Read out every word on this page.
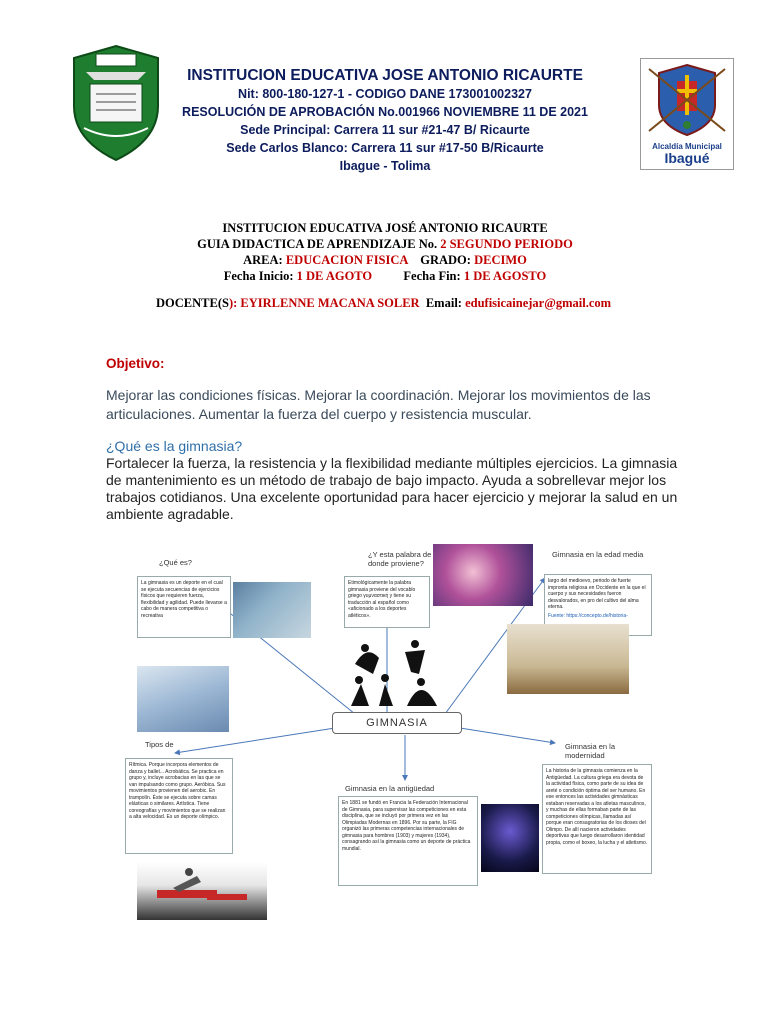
Alcaldía Municipal
Ibagué
INSTITUCION EDUCATIVA JOSE ANTONIO RICAURTE
Nit: 800-180-127-1 - CODIGO DANE 173001002327
RESOLUCIÓN DE APROBACIÓN No.001966 NOVIEMBRE 11 DE 2021
Sede Principal: Carrera 11 sur #21-47 B/ Ricaurte
Sede Carlos Blanco: Carrera 11 sur #17-50 B/Ricaurte
Ibague - Tolima
INSTITUCION EDUCATIVA JOSÉ ANTONIO RICAURTE
GUIA DIDACTICA DE APRENDIZAJE No. 2 SEGUNDO PERIODO
AREA: EDUCACION FISICA GRADO: DECIMO
Fecha Inicio: 1 DE AGOTO	Fecha Fin: 1 DE AGOSTO
DOCENTE(S): EYIRLENNE MACANA SOLER Email: edufisicainejar@gmail.com
Objetivo:
Mejorar las condiciones físicas. Mejorar la coordinación. Mejorar los movimientos de las articulaciones. Aumentar la fuerza del cuerpo y resistencia muscular.
¿Qué es la gimnasia?
Fortalecer la fuerza, la resistencia y la flexibilidad mediante múltiples ejercicios. La gimnasia de mantenimiento es un método de trabajo de bajo impacto. Ayuda a sobrellevar mejor los trabajos cotidianos. Una excelente oportunidad para hacer ejercicio y mejorar la salud en un ambiente agradable.
¿Qué es?
La gimnasia es un deporte en el cual se ejecuta secuencias de ejercicios físicos que requieren fuerza, flexibilidad y agilidad. Puede llevarse a cabo de manera competitiva o recreativa
¿Y esta palabra de donde proviene?
Etimológicamente la palabra gimnasia proviene del vocablo griego γυμναστική y tiene su traducción al español como «aficionado a los deportes atléticos».
Gimnasia en la edad media
largo del medioevo, periodo de fuerte impronta religiosa en Occidente en la que el cuerpo y sus necesidades fueron desvalorados, en pro del cultivo del alma eterna.
Fuente: https://concepto.de/historia-
GIMNASIA
Tipos de
Rítmica. Porque incorpora elementos de danza y ballet... Acrobática. Se practica en grupo y, incluye acrobacias en las que se van impulsando como grupo. Aeróbica. Sus movimientos provienen del aerobic. En trampolín. Éste se ejecuta sobre camas elásticas o similares. Artística. Tiene coreografías y movimientos que se realizan a alta velocidad. Es un deporte olímpico.
Gimnasia en la antigüedad
En 1881 se fundó en Francia la Federación Internacional de Gimnasia, para supervisar las competiciones en esta disciplina, que se incluyó por primera vez en las Olimpiadas Modernas en 1896. Por su parte, la FIG organizó las primeras competencias internacionales de gimnasia para hombres (1903) y mujeres (1934), consagrando así la gimnasia como un deporte de práctica mundial.
Gimnasia en la modernidad
La historia de la gimnasia comienza en la Antigüedad. La cultura griega era devota de la actividad física, como parte de su idea de areté o condición óptima del ser humano. En ese entonces las actividades gimnásticas estaban reservadas a los atletas masculinos, y muchas de ellas formaban parte de las competiciones olímpicas, llamadas así porque eran consagratorias de los dioses del Olimpo. De allí nacieron actividades deportivas que luego desarrollaron identidad propia, como el boxeo, la lucha y el atletismo.
